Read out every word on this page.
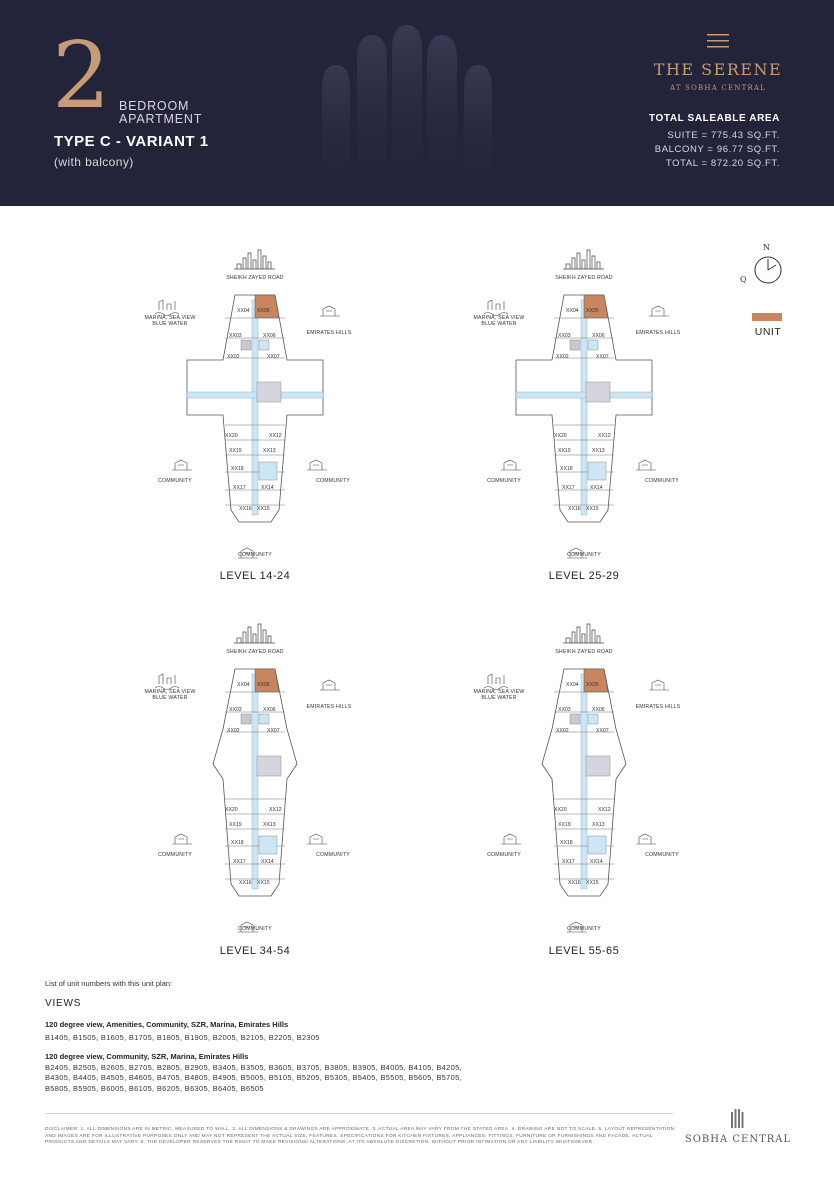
2 BEDROOM
APARTMENT
TYPE C - VARIANT 1
(with balcony)
THE SERENE
AT SOBHA CENTRAL
TOTAL SALEABLE AREA
SUITE = 775.43 SQ.FT.
BALCONY = 96.77 SQ.FT.
TOTAL = 872.20 SQ.FT.
N
Q
UNIT
SHEIKH ZAYED ROAD
MARINA, SEA VIEW
BLUE WATER
EMIRATES HILLS
COMMUNITY	COMMUNITY
COMMUNITY
XX04 XX05
XX03	XX06
XX02	XX07
XX20	XX12
XX19	XX13
XX18
XX17	XX14
XX16 XX15
SHEIKH ZAYED ROAD
MARINA, SEA VIEW
BLUE WATER
EMIRATES HILLS
COMMUNITY	COMMUNITY
COMMUNITY
XX04 XX05
XX03	XX06
XX02	XX07
XX20	XX12
XX19	XX13
XX18
XX17	XX14
XX16 XX15
SHEIKH ZAYED ROAD
MARINA, SEA VIEW
BLUE WATER
EMIRATES HILLS
COMMUNITY	COMMUNITY
COMMUNITY
XX04 XX05
XX03	XX06
XX02	XX07
XX20	XX12
XX19	XX13
XX18
XX17	XX14
XX16 XX15
SHEIKH ZAYED ROAD
MARINA, SEA VIEW
BLUE WATER
EMIRATES HILLS
COMMUNITY	COMMUNITY
COMMUNITY
XX04 XX05
XX03	XX06
XX02	XX07
XX20	XX12
XX19	XX13
XX18
XX17	XX14
XX16 XX15
LEVEL 14-24	LEVEL 25-29
LEVEL 34-54	LEVEL 55-65
List of unit numbers with this unit plan:
VIEWS
120 degree view, Amenities, Community, SZR, Marina, Emirates Hills
B1405, B1505, B1605, B1705, B1805, B1905, B2005, B2105, B2205, B2305
120 degree view, Community, SZR, Marina, Emirates Hills
B2405, B2505, B2605, B2705, B2805, B2905, B3405, B3505, B3605, B3705, B3805, B3905, B4005, B4105, B4205, B4305, B4405, B4505, B4605, B4705, B4805, B4905, B5005, B5105, B5205, B5305, B5405, B5505, B5605, B5705, B5805, B5905, B6005, B6105, B6205, B6305, B6405, B6505
DISCLAIMER: 1. ALL DIMENSIONS ARE IN METRIC, MEASURED TO WALL. 2. ALL DIMENSIONS & DRAWINGS ARE APPROXIMATE. 3. ACTUAL AREA MAY VARY FROM THE STATED AREA. 4. DRAWING ARE NOT TO SCALE. 5. LAYOUT REPRESENTATION AND IMAGES ARE FOR ILLUSTRATIVE PURPOSES ONLY AND MAY NOT REPRESENT THE ACTUAL SIZE, FEATURES, SPECIFICATIONS FOR KITCHEN FIXTURES, APPLIANCES, FITTINGS, FURNITURE OR FURNISHINGS AND FACADE. ACTUAL PRODUCTS AND DETAILS MAY VARY. 6. THE DEVELOPER RESERVES THE RIGHT TO MAKE REVISIONS/ ALTERATIONS, AT ITS ABSOLUTE DISCRETION, WITHOUT PRIOR INTIMATION OR ANY LIABILITY WHATSOEVER.	SOBHA CENTRAL
